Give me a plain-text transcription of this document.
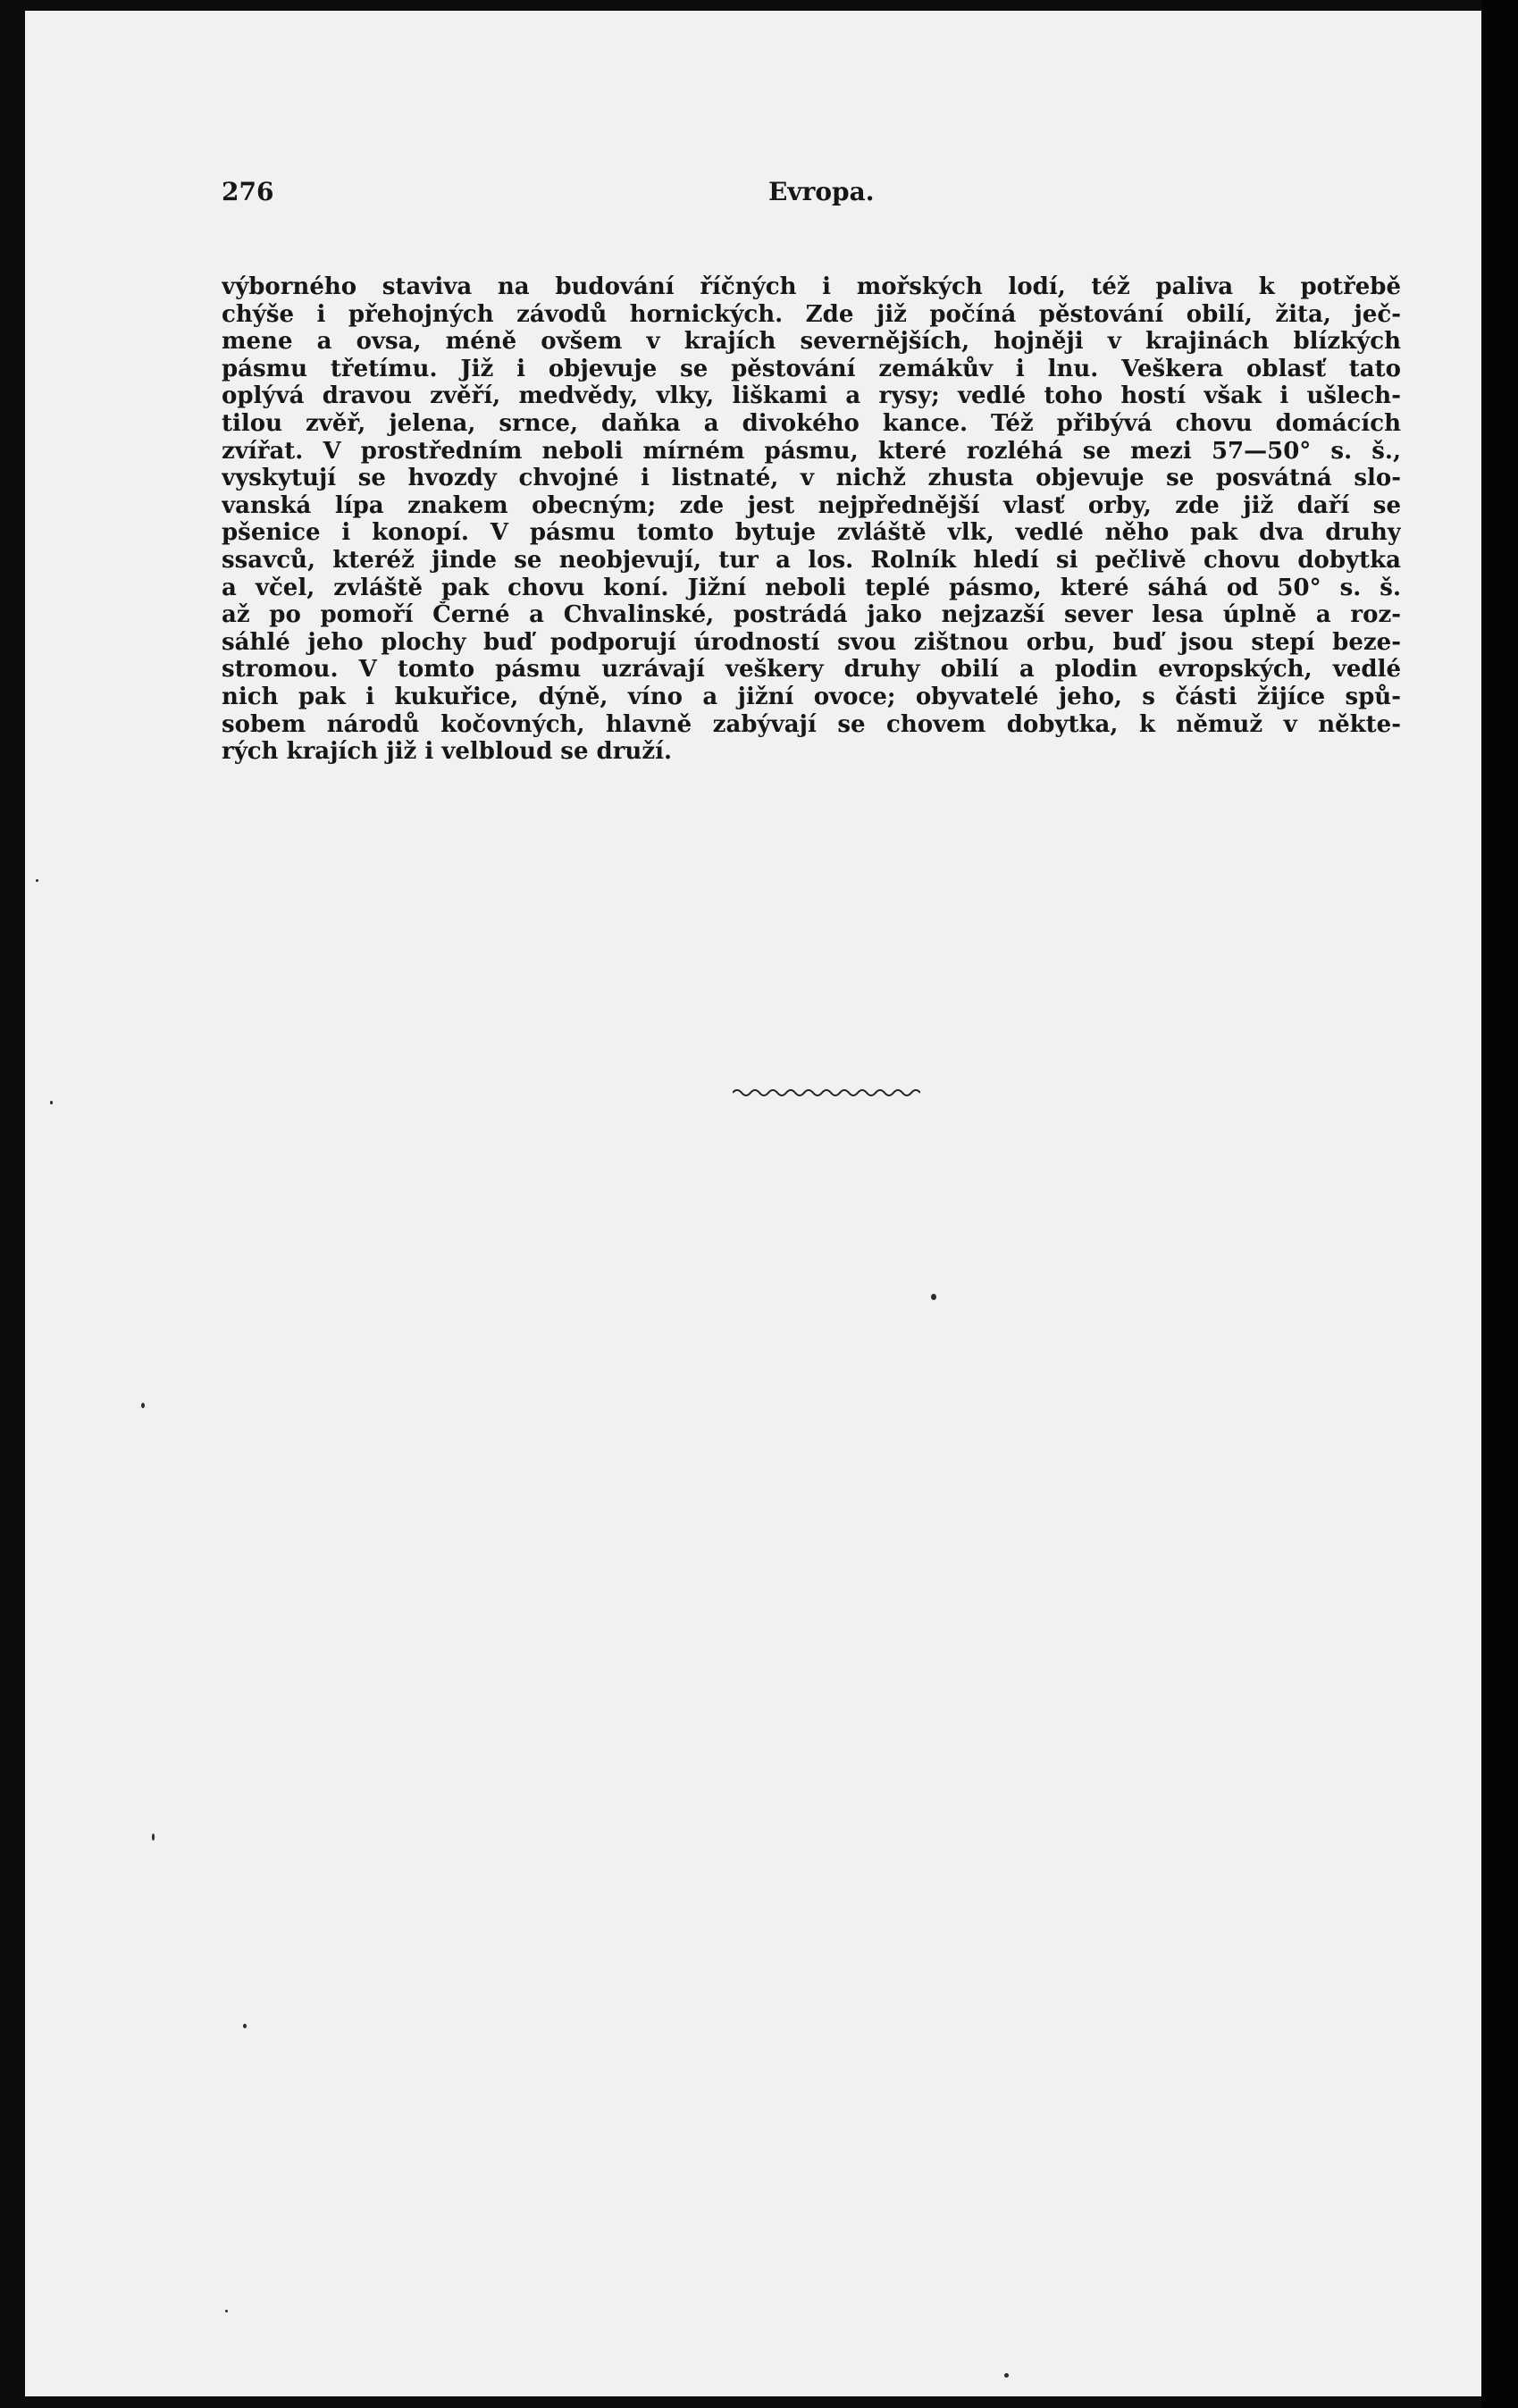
276	Evropa.
výborného staviva na budování říčných i mořských lodí, též paliva k potřebě
chýše i přehojných závodů hornických. Zde již počíná pěstování obilí, žita, ječ-
mene a ovsa, méně ovšem v krajích severnějších, hojněji v krajinách blízkých
pásmu třetímu. Již i objevuje se pěstování zemákův i lnu. Veškera oblasť tato
oplývá dravou zvěří, medvědy, vlky, liškami a rysy; vedlé toho hostí však i ušlech-
tilou zvěř, jelena, srnce, daňka a divokého kance. Též přibývá chovu domácích
zvířat. V prostředním neboli mírném pásmu, které rozléhá se mezi 57—50° s. š.,
vyskytují se hvozdy chvojné i listnaté, v nichž zhusta objevuje se posvátná slo-
vanská lípa znakem obecným; zde jest nejpřednější vlasť orby, zde již daří se
pšenice i konopí. V pásmu tomto bytuje zvláště vlk, vedlé něho pak dva druhy
ssavců, kteréž jinde se neobjevují, tur a los. Rolník hledí si pečlivě chovu dobytka
a včel, zvláště pak chovu koní. Jižní neboli teplé pásmo, které sáhá od 50° s. š.
až po pomoří Černé a Chvalinské, postrádá jako nejzazší sever lesa úplně a roz-
sáhlé jeho plochy buď podporují úrodností svou zištnou orbu, buď jsou stepí beze-
stromou. V tomto pásmu uzrávají veškery druhy obilí a plodin evropských, vedlé
nich pak i kukuřice, dýně, víno a jižní ovoce; obyvatelé jeho, s části žijíce spů-
sobem národů kočovných, hlavně zabývají se chovem dobytka, k němuž v někte-
rých krajích již i velbloud se druží.
